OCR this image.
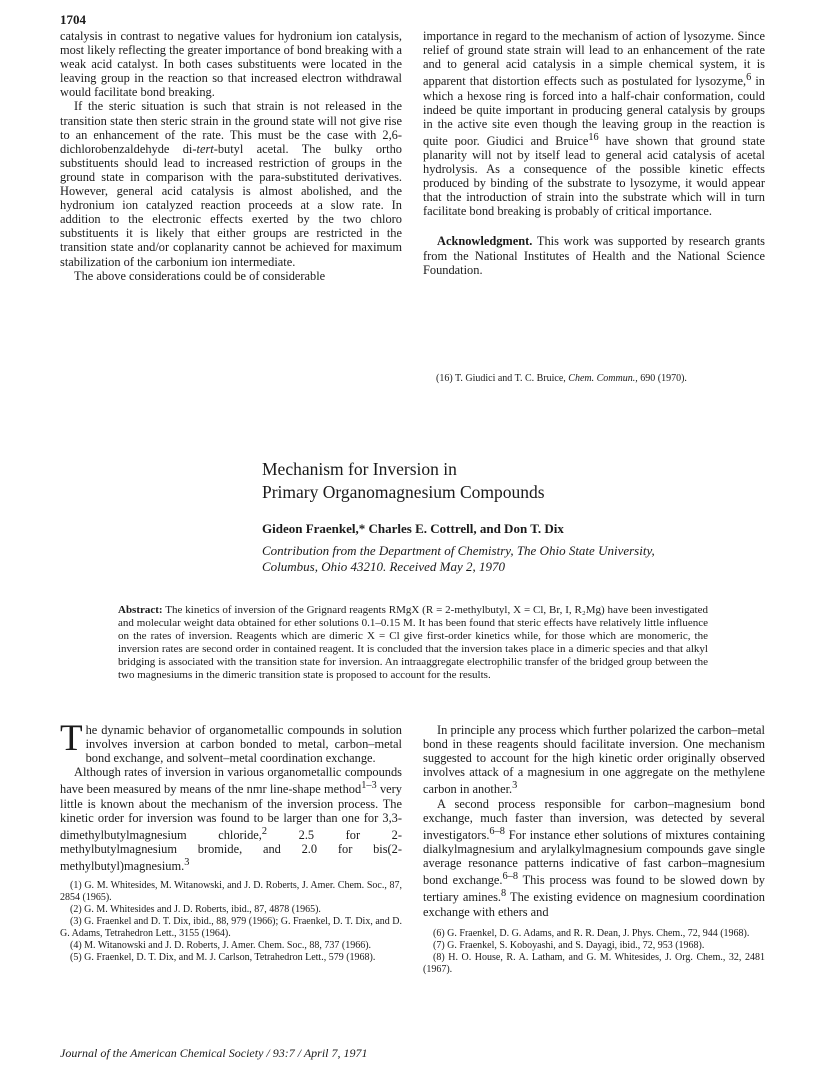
1704

catalysis in contrast to negative values for hydronium ion catalysis, most likely reflecting the greater importance of bond breaking with a weak acid catalyst. In both cases substituents were located in the leaving group in the reaction so that increased electron withdrawal would facilitate bond breaking.

If the steric situation is such that strain is not released in the transition state then steric strain in the ground state will not give rise to an enhancement of the rate. This must be the case with 2,6-dichlorobenzaldehyde di-tert-butyl acetal. The bulky ortho substituents should lead to increased restriction of groups in the ground state in comparison with the para-substituted derivatives. However, general acid catalysis is almost abolished, and the hydronium ion catalyzed reaction proceeds at a slow rate. In addition to the electronic effects exerted by the two chloro substituents it is likely that either groups are restricted in the transition state and/or coplanarity cannot be achieved for maximum stabilization of the carbonium ion intermediate.

The above considerations could be of considerable

importance in regard to the mechanism of action of lysozyme. Since relief of ground state strain will lead to an enhancement of the rate and to general acid catalysis in a simple chemical system, it is apparent that distortion effects such as postulated for lysozyme,$^6$ in which a hexose ring is forced into a half-chair conformation, could indeed be quite important in producing general catalysis by groups in the active site even though the leaving group in the reaction is quite poor. Giudici and Bruice$^{16}$ have shown that ground state planarity will not by itself lead to general acid catalysis of acetal hydrolysis. As a consequence of the possible kinetic effects produced by binding of the substrate to lysozyme, it would appear that the introduction of strain into the substrate which will in turn facilitate bond breaking is probably of critical importance.

Acknowledgment. This work was supported by research grants from the National Institutes of Health and the National Science Foundation.

(16) T. Giudici and T. C. Bruice, Chem. Commun., 690 (1970).
Mechanism for Inversion in
Primary Organomagnesium Compounds
Gideon Fraenkel,* Charles E. Cottrell, and Don T. Dix
Contribution from the Department of Chemistry, The Ohio State University,
Columbus, Ohio 43210. Received May 2, 1970
Abstract: The kinetics of inversion of the Grignard reagents RMgX (R = 2-methylbutyl, X = Cl, Br, I, R₂Mg) have been investigated and molecular weight data obtained for ether solutions 0.1–0.15 M. It has been found that steric effects have relatively little influence on the rates of inversion. Reagents which are dimeric X = Cl give first-order kinetics while, for those which are monomeric, the inversion rates are second order in contained reagent. It is concluded that the inversion takes place in a dimeric species and that alkyl bridging is associated with the transition state for inversion. An intraaggregate electrophilic transfer of the bridged group between the two magnesiums in the dimeric transition state is proposed to account for the results.

The dynamic behavior of organometallic compounds in solution involves inversion at carbon bonded to metal, carbon–metal bond exchange, and solvent–metal coordination exchange.

Although rates of inversion in various organometallic compounds have been measured by means of the nmr line-shape method$^{1-3}$ very little is known about the mechanism of the inversion process. The kinetic order for inversion was found to be larger than one for 3,3-dimethylbutylmagnesium chloride,$^2$ 2.5 for 2-methylbutylmagnesium bromide, and 2.0 for bis(2-methylbutyl)magnesium.$^3$

(1) G. M. Whitesides, M. Witanowski, and J. D. Roberts, J. Amer. Chem. Soc., 87, 2854 (1965).
(2) G. M. Whitesides and J. D. Roberts, ibid., 87, 4878 (1965).
(3) G. Fraenkel and D. T. Dix, ibid., 88, 979 (1966); G. Fraenkel, D. T. Dix, and D. G. Adams, Tetrahedron Lett., 3155 (1964).
(4) M. Witanowski and J. D. Roberts, J. Amer. Chem. Soc., 88, 737 (1966).
(5) G. Fraenkel, D. T. Dix, and M. J. Carlson, Tetrahedron Lett., 579 (1968).

In principle any process which further polarized the carbon–metal bond in these reagents should facilitate inversion. One mechanism suggested to account for the high kinetic order originally observed involves attack of a magnesium in one aggregate on the methylene carbon in another.$^3$

A second process responsible for carbon–magnesium bond exchange, much faster than inversion, was detected by several investigators.$^{6-8}$ For instance ether solutions of mixtures containing dialkylmagnesium and arylalkylmagnesium compounds gave single average resonance patterns indicative of fast carbon–magnesium bond exchange.$^{6-8}$ This process was found to be slowed down by tertiary amines.$^8$ The existing evidence on magnesium coordination exchange with ethers and

(6) G. Fraenkel, D. G. Adams, and R. R. Dean, J. Phys. Chem., 72, 944 (1968).
(7) G. Fraenkel, S. Koboyashi, and S. Dayagi, ibid., 72, 953 (1968).
(8) H. O. House, R. A. Latham, and G. M. Whitesides, J. Org. Chem., 32, 2481 (1967).
Journal of the American Chemical Society / 93:7 / April 7, 1971
